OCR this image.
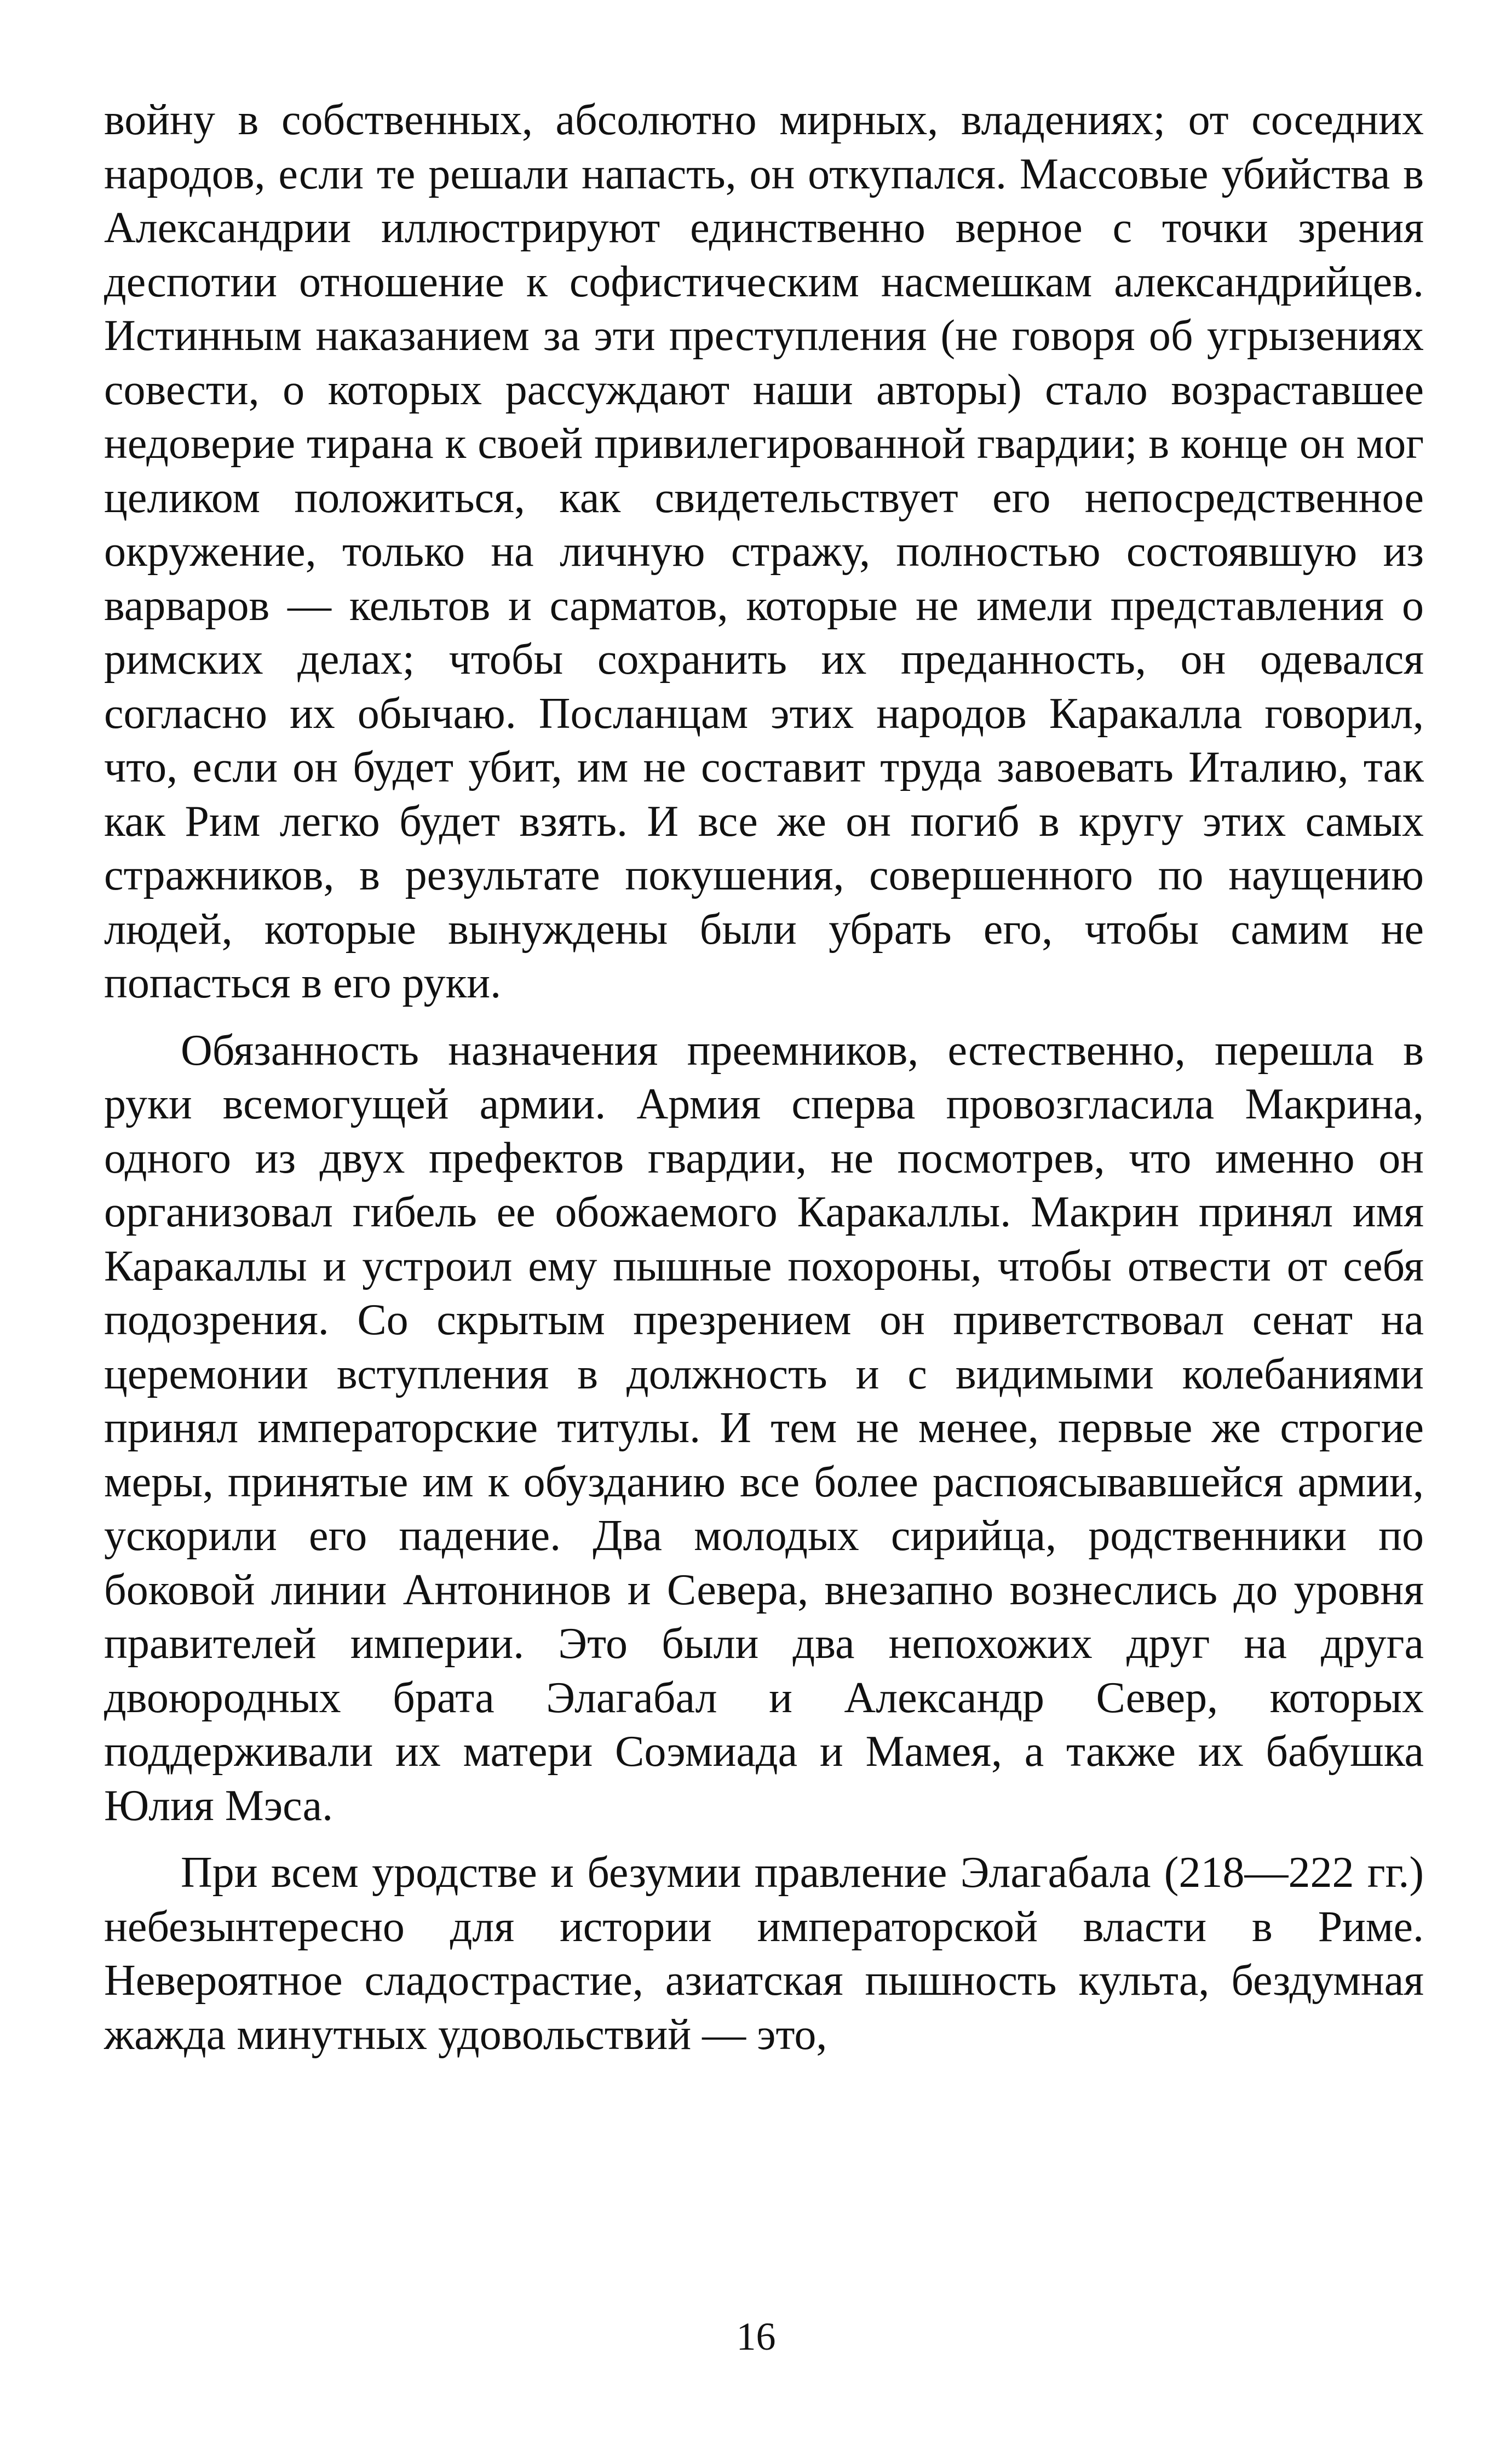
войну в собственных, абсолютно мирных, владениях; от соседних народов, если те решали напасть, он откупался. Массовые убийства в Александрии иллюстрируют единственно верное с точки зрения деспотии отношение к софистическим насмешкам александрийцев. Истинным наказанием за эти преступления (не говоря об угрызениях совести, о которых рассуждают наши авторы) стало возраставшее недоверие тирана к своей привилегированной гвардии; в конце он мог целиком положиться, как свидетельствует его непосредственное окружение, только на личную стражу, полностью состоявшую из варваров — кельтов и сарматов, которые не имели представления о римских делах; чтобы сохранить их преданность, он одевался согласно их обычаю. Посланцам этих народов Каракалла говорил, что, если он будет убит, им не составит труда завоевать Италию, так как Рим легко будет взять. И все же он погиб в кругу этих самых стражников, в результате покушения, совершенного по наущению людей, которые вынуждены были убрать его, чтобы самим не попасться в его руки.

Обязанность назначения преемников, естественно, перешла в руки всемогущей армии. Армия сперва провозгласила Макрина, одного из двух префектов гвардии, не посмотрев, что именно он организовал гибель ее обожаемого Каракаллы. Макрин принял имя Каракаллы и устроил ему пышные похороны, чтобы отвести от себя подозрения. Со скрытым презрением он приветствовал сенат на церемонии вступления в должность и с видимыми колебаниями принял императорские титулы. И тем не менее, первые же строгие меры, принятые им к обузданию все более распоясывавшейся армии, ускорили его падение. Два молодых сирийца, родственники по боковой линии Антонинов и Севера, внезапно вознеслись до уровня правителей империи. Это были два непохожих друг на друга двоюродных брата Элагабал и Александр Север, которых поддерживали их матери Соэмиада и Мамея, а также их бабушка Юлия Мэса.

При всем уродстве и безумии правление Элагабала (218—222 гг.) небезынтересно для истории императорской власти в Риме. Невероятное сладострастие, азиатская пышность культа, бездумная жажда минутных удовольствий — это,

16
